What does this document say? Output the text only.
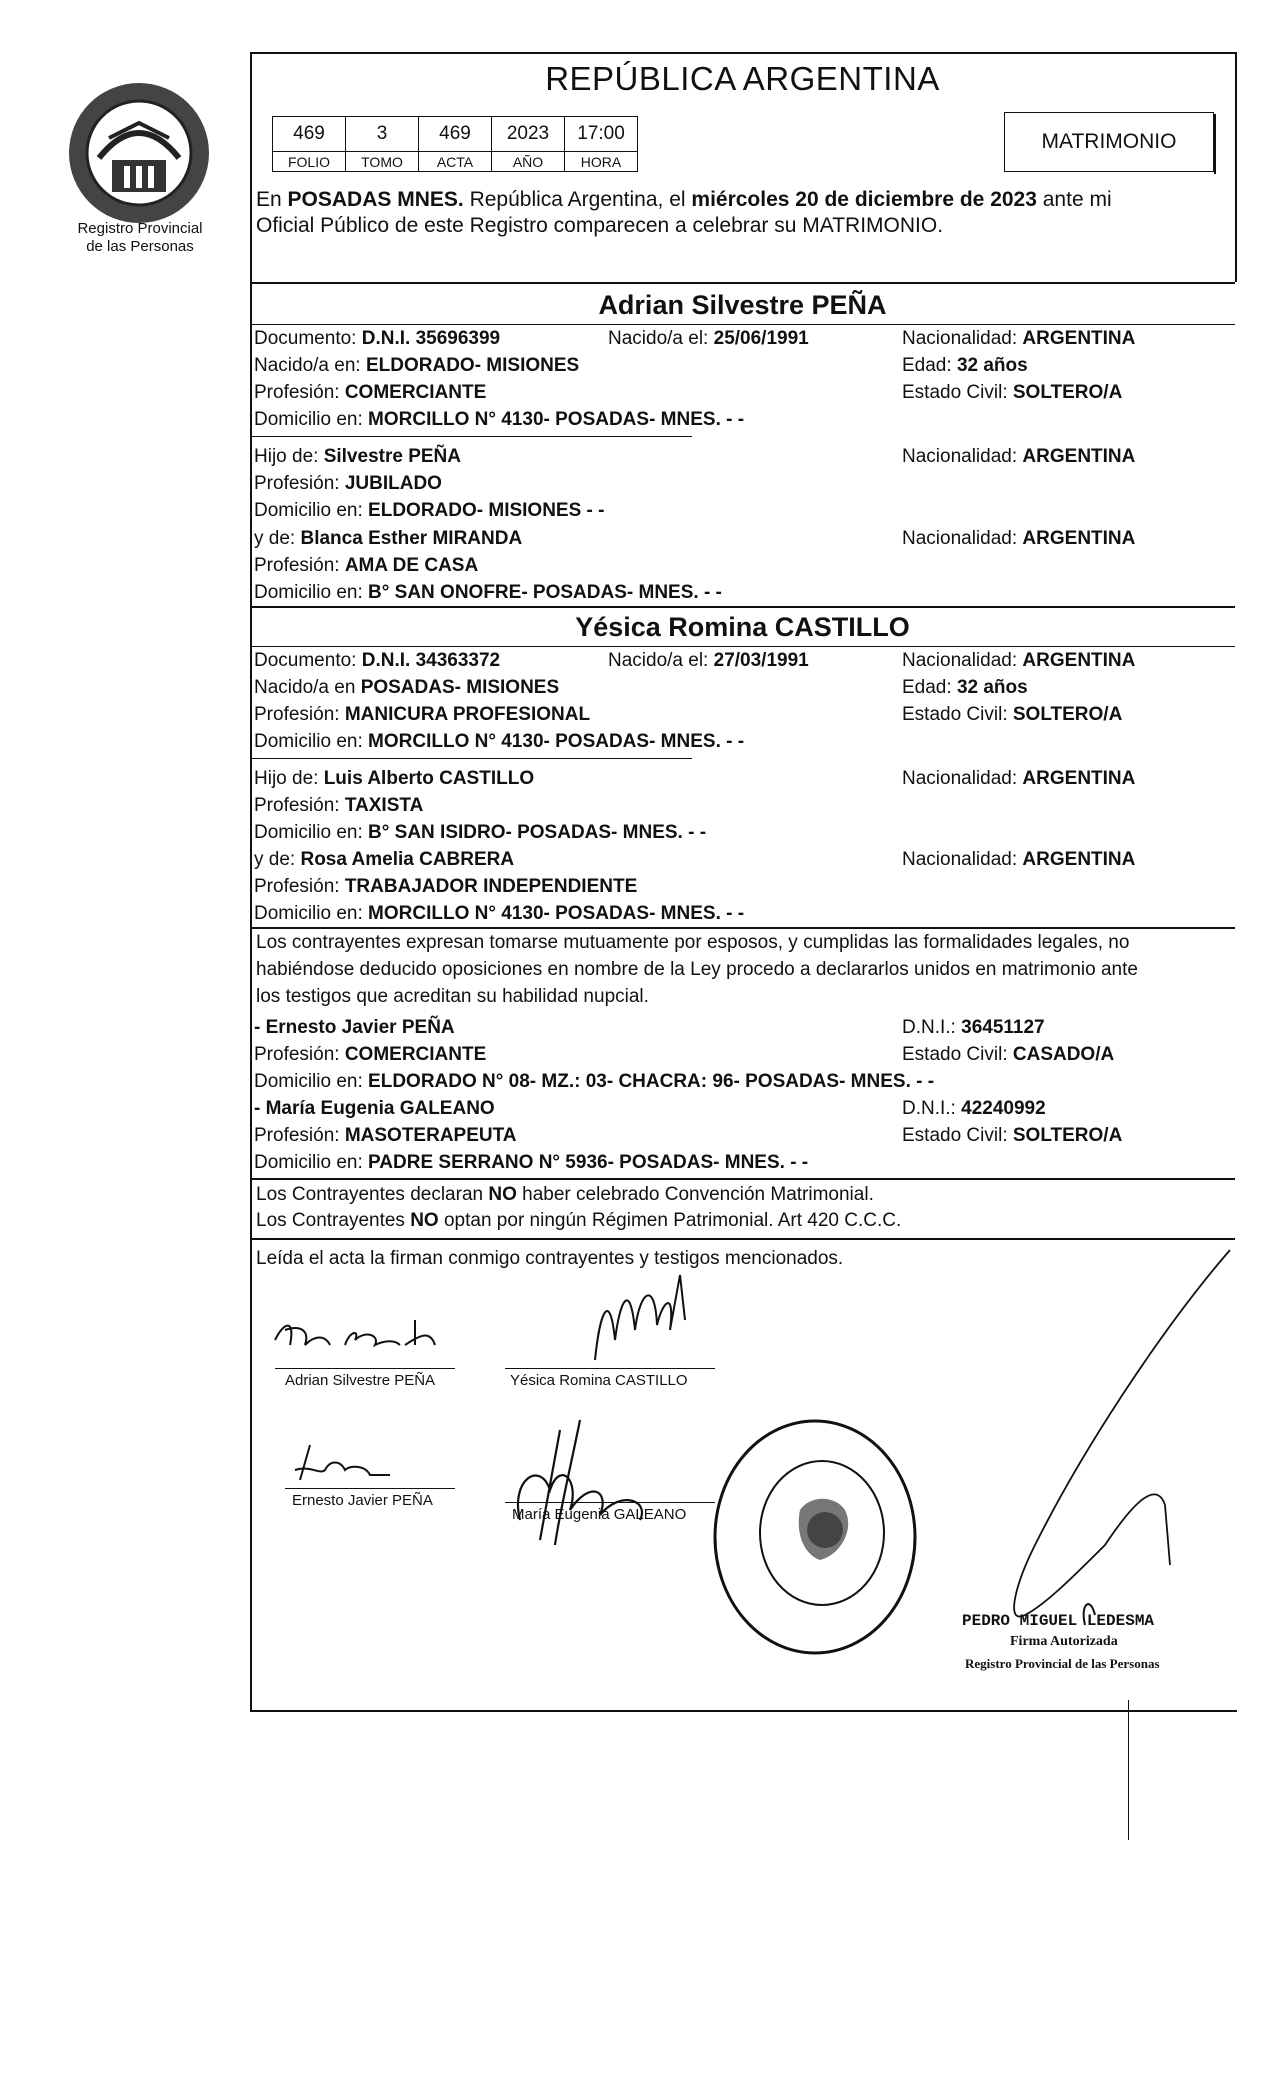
Registro Provincial
de las Personas
REPÚBLICA ARGENTINA
469	3	469	2023	17:00
FOLIO	TOMO	ACTA	AÑO	HORA
MATRIMONIO
En POSADAS MNES. República Argentina, el miércoles 20 de diciembre de 2023 ante mi
Oficial Público de este Registro comparecen a celebrar su MATRIMONIO.
Adrian Silvestre PEÑA
Documento: D.N.I. 35696399	Nacido/a el: 25/06/1991	Nacionalidad: ARGENTINA
Nacido/a en: ELDORADO- MISIONES	Edad: 32 años
Profesión: COMERCIANTE	Estado Civil: SOLTERO/A
Domicilio en: MORCILLO N° 4130- POSADAS- MNES. - -
Hijo de: Silvestre PEÑA	Nacionalidad: ARGENTINA
Profesión: JUBILADO
Domicilio en: ELDORADO- MISIONES - -
y de: Blanca Esther MIRANDA	Nacionalidad: ARGENTINA
Profesión: AMA DE CASA
Domicilio en: B° SAN ONOFRE- POSADAS- MNES. - -
Yésica Romina CASTILLO
Documento: D.N.I. 34363372	Nacido/a el: 27/03/1991	Nacionalidad: ARGENTINA
Nacido/a en POSADAS- MISIONES	Edad: 32 años
Profesión: MANICURA PROFESIONAL	Estado Civil: SOLTERO/A
Domicilio en: MORCILLO N° 4130- POSADAS- MNES. - -
Hijo de: Luis Alberto CASTILLO	Nacionalidad: ARGENTINA
Profesión: TAXISTA
Domicilio en: B° SAN ISIDRO- POSADAS- MNES. - -
y de: Rosa Amelia CABRERA	Nacionalidad: ARGENTINA
Profesión: TRABAJADOR INDEPENDIENTE
Domicilio en: MORCILLO N° 4130- POSADAS- MNES. - -
Los contrayentes expresan tomarse mutuamente por esposos, y cumplidas las formalidades legales, no
habiéndose deducido oposiciones en nombre de la Ley procedo a declararlos unidos en matrimonio ante
los testigos que acreditan su habilidad nupcial.
- Ernesto Javier PEÑA	D.N.I.: 36451127
Profesión: COMERCIANTE	Estado Civil: CASADO/A
Domicilio en: ELDORADO N° 08- MZ.: 03- CHACRA: 96- POSADAS- MNES. - -
- María Eugenia GALEANO	D.N.I.: 42240992
Profesión: MASOTERAPEUTA	Estado Civil: SOLTERO/A
Domicilio en: PADRE SERRANO N° 5936- POSADAS- MNES. - -
Los Contrayentes declaran NO haber celebrado Convención Matrimonial.
Los Contrayentes NO optan por ningún Régimen Patrimonial. Art 420 C.C.C.
Leída el acta la firman conmigo contrayentes y testigos mencionados.
Adrian Silvestre PEÑA	Yésica Romina CASTILLO
Ernesto Javier PEÑA
María Eugenia GALEANO
PEDRO MIGUEL LEDESMA
Firma Autorizada
Registro Provincial de las Personas
